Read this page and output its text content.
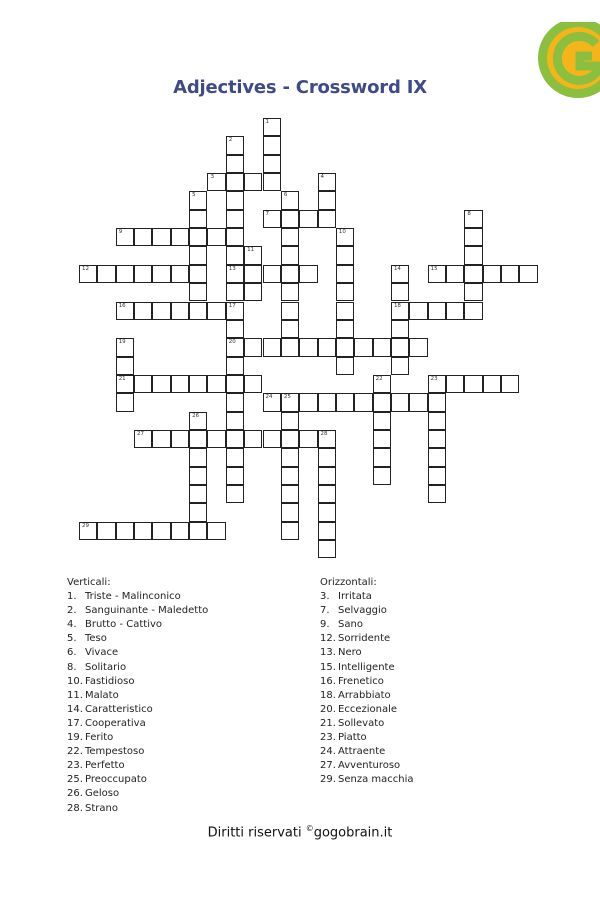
Adjectives - Crossword IX
1
2
13
17
3	4
5	6
7	8
9	10
11
12	14
18
15
16
20
19
21	22	23
24 25
26
27	28
29
Verticali:
1. Triste - Malinconico
2. Sanguinante - Maledetto
4. Brutto - Cattivo
5. Teso
6. Vivace
8. Solitario
10. Fastidioso
11. Malato
14. Caratteristico
17. Cooperativa
19. Ferito
22. Tempestoso
23. Perfetto
25. Preoccupato
26. Geloso
28. Strano
Orizzontali:
3. Irritata
7. Selvaggio
9. Sano
12. Sorridente
13. Nero
15. Intelligente
16. Frenetico
18. Arrabbiato
20. Eccezionale
21. Sollevato
23. Piatto
24. Attraente
27. Avventuroso
29. Senza macchia
Diritti riservati ©gogobrain.it
